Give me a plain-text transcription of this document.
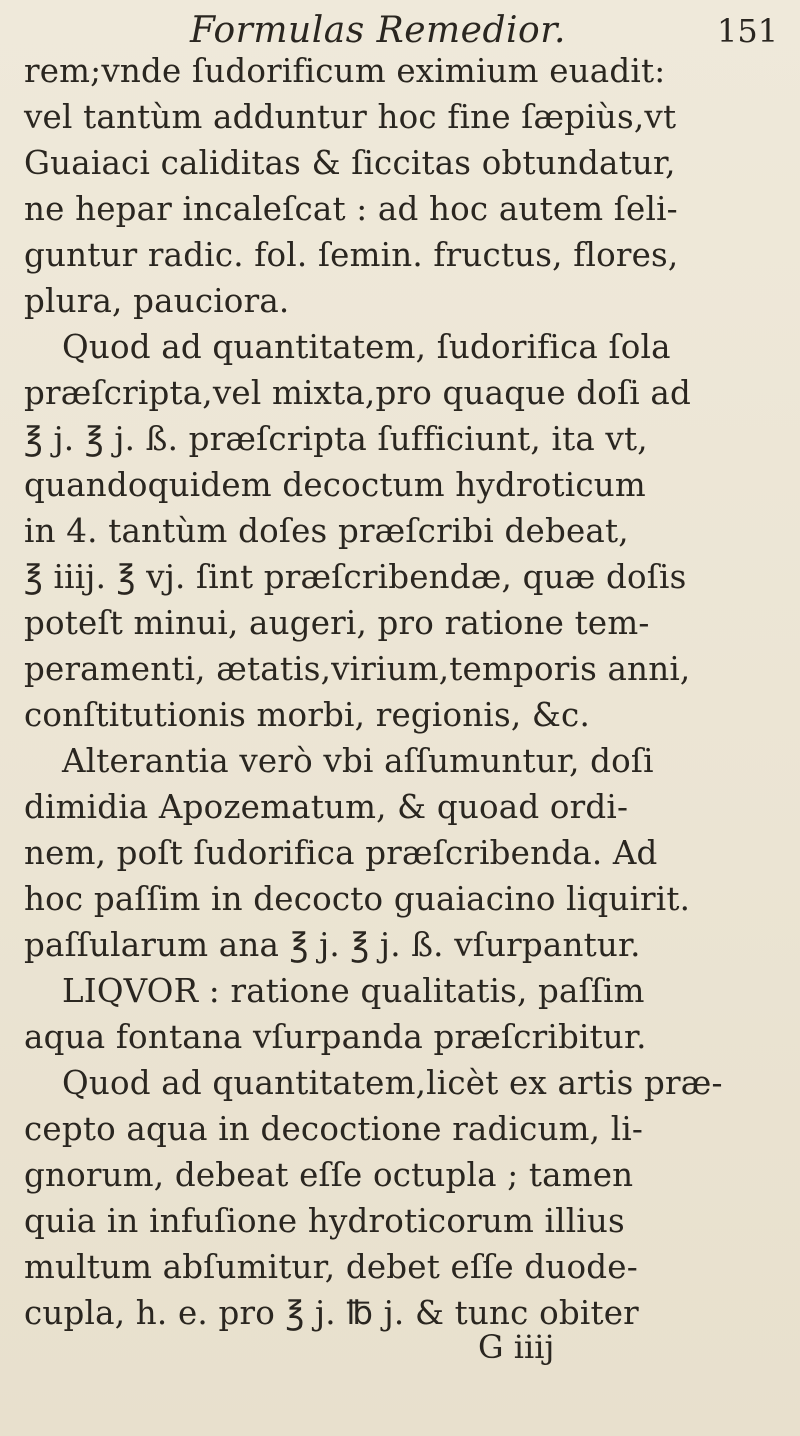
Formulas Remedior.	151
rem;vnde ſudorificum eximium euadit:
vel tantùm adduntur hoc fine ſæpiùs,vt
Guaiaci caliditas & ſiccitas obtundatur,
ne hepar incaleſcat : ad hoc autem ſeli-
guntur radic. fol. ſemin. fructus, flores,
plura, pauciora.
Quod ad quantitatem, ſudorifica ſola
præſcripta,vel mixta,pro quaque doſi ad
℥ j. ℥ j. ß. præſcripta ſufficiunt, ita vt,
quandoquidem decoctum hydroticum
in 4. tantùm doſes præſcribi debeat,
℥ iiij. ℥ vj. ſint præſcribendæ, quæ doſis
poteſt minui, augeri, pro ratione tem-
peramenti, ætatis,virium,temporis anni,
conſtitutionis morbi, regionis, &c.
Alterantia verò vbi aſſumuntur, doſi
dimidia Apozematum, & quoad ordi-
nem, poſt ſudorifica præſcribenda. Ad
hoc paſſim in decocto guaiacino liquirit.
paſſularum ana ℥ j. ℥ j. ß. vſurpantur.
LIQVOR : ratione qualitatis, paſſim
aqua fontana vſurpanda præſcribitur.
Quod ad quantitatem,licèt ex artis præ-
cepto aqua in decoctione radicum, li-
gnorum, debeat eſſe octupla ; tamen
quia in infuſione hydroticorum illius
multum abſumitur, debet eſſe duode-
cupla, h. e. pro ℥ j. ℔ j. & tunc obiter
G iiij
